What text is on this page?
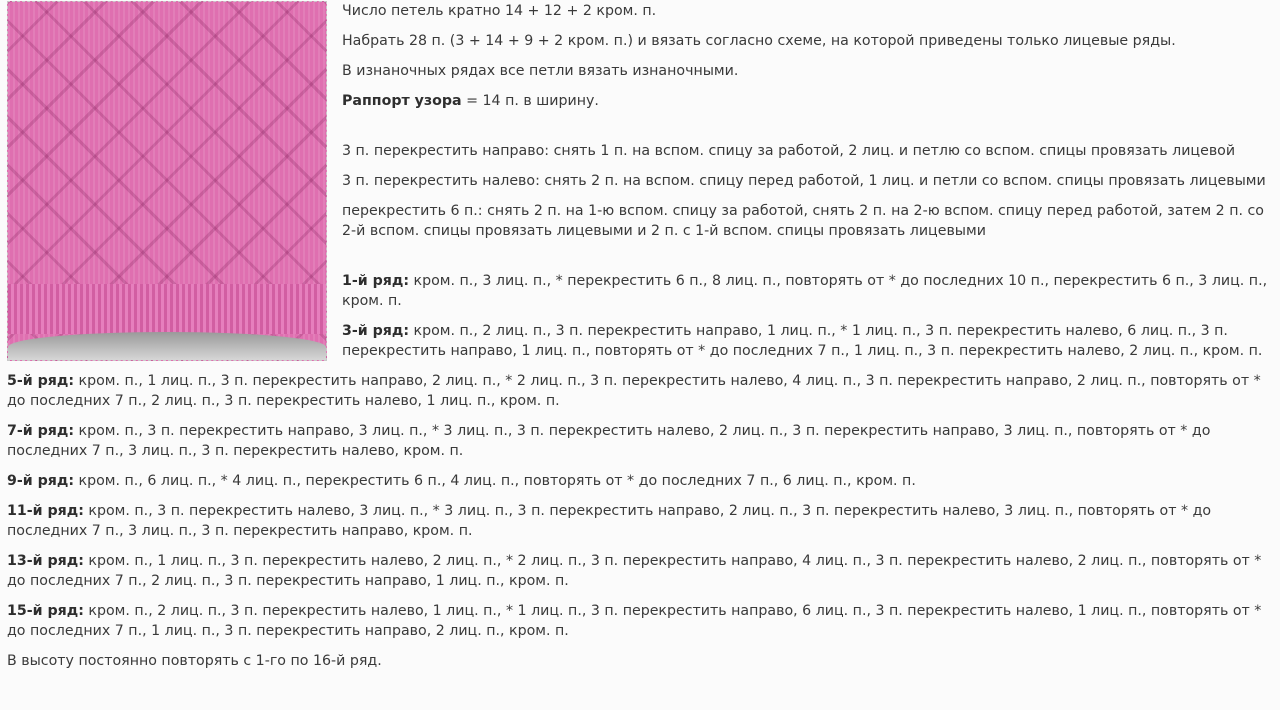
Число петель кратно 14 + 12 + 2 кром. п.

Набрать 28 п. (3 + 14 + 9 + 2 кром. п.) и вязать согласно схеме, на которой приведены только лицевые ряды.

В изнаночных рядах все петли вязать изнаночными.

Раппорт узора = 14 п. в ширину.

3 п. перекрестить направо: снять 1 п. на вспом. спицу за работой, 2 лиц. и петлю со вспом. спицы провязать лицевой

3 п. перекрестить налево: снять 2 п. на вспом. спицу перед работой, 1 лиц. и петли со вспом. спицы провязать лицевыми

перекрестить 6 п.: снять 2 п. на 1-ю вспом. спицу за работой, снять 2 п. на 2-ю вспом. спицу перед работой, затем 2 п. со 2-й вспом. спицы провязать лицевыми и 2 п. с 1-й вспом. спицы провязать лицевыми

1-й ряд: кром. п., 3 лиц. п., * перекрестить 6 п., 8 лиц. п., повторять от * до последних 10 п., перекрестить 6 п., 3 лиц. п., кром. п.

3-й ряд: кром. п., 2 лиц. п., 3 п. перекрестить направо, 1 лиц. п., * 1 лиц. п., 3 п. перекрестить налево, 6 лиц. п., 3 п. перекрестить направо, 1 лиц. п., повторять от * до последних 7 п., 1 лиц. п., 3 п. перекрестить налево, 2 лиц. п., кром. п.

5-й ряд: кром. п., 1 лиц. п., 3 п. перекрестить направо, 2 лиц. п., * 2 лиц. п., 3 п. перекрестить налево, 4 лиц. п., 3 п. перекрестить направо, 2 лиц. п., повторять от * до последних 7 п., 2 лиц. п., 3 п. перекрестить налево, 1 лиц. п., кром. п.

7-й ряд: кром. п., 3 п. перекрестить направо, 3 лиц. п., * 3 лиц. п., 3 п. перекрестить налево, 2 лиц. п., 3 п. перекрестить направо, 3 лиц. п., повторять от * до последних 7 п., 3 лиц. п., 3 п. перекрестить налево, кром. п.

9-й ряд: кром. п., 6 лиц. п., * 4 лиц. п., перекрестить 6 п., 4 лиц. п., повторять от * до последних 7 п., 6 лиц. п., кром. п.

11-й ряд: кром. п., 3 п. перекрестить налево, 3 лиц. п., * 3 лиц. п., 3 п. перекрестить направо, 2 лиц. п., 3 п. перекрестить налево, 3 лиц. п., повторять от * до последних 7 п., 3 лиц. п., 3 п. перекрестить направо, кром. п.

13-й ряд: кром. п., 1 лиц. п., 3 п. перекрестить налево, 2 лиц. п., * 2 лиц. п., 3 п. перекрестить направо, 4 лиц. п., 3 п. перекрестить налево, 2 лиц. п., повторять от * до последних 7 п., 2 лиц. п., 3 п. перекрестить направо, 1 лиц. п., кром. п.

15-й ряд: кром. п., 2 лиц. п., 3 п. перекрестить налево, 1 лиц. п., * 1 лиц. п., 3 п. перекрестить направо, 6 лиц. п., 3 п. перекрестить налево, 1 лиц. п., повторять от * до последних 7 п., 1 лиц. п., 3 п. перекрестить направо, 2 лиц. п., кром. п.

В высоту постоянно повторять с 1-го по 16-й ряд.
